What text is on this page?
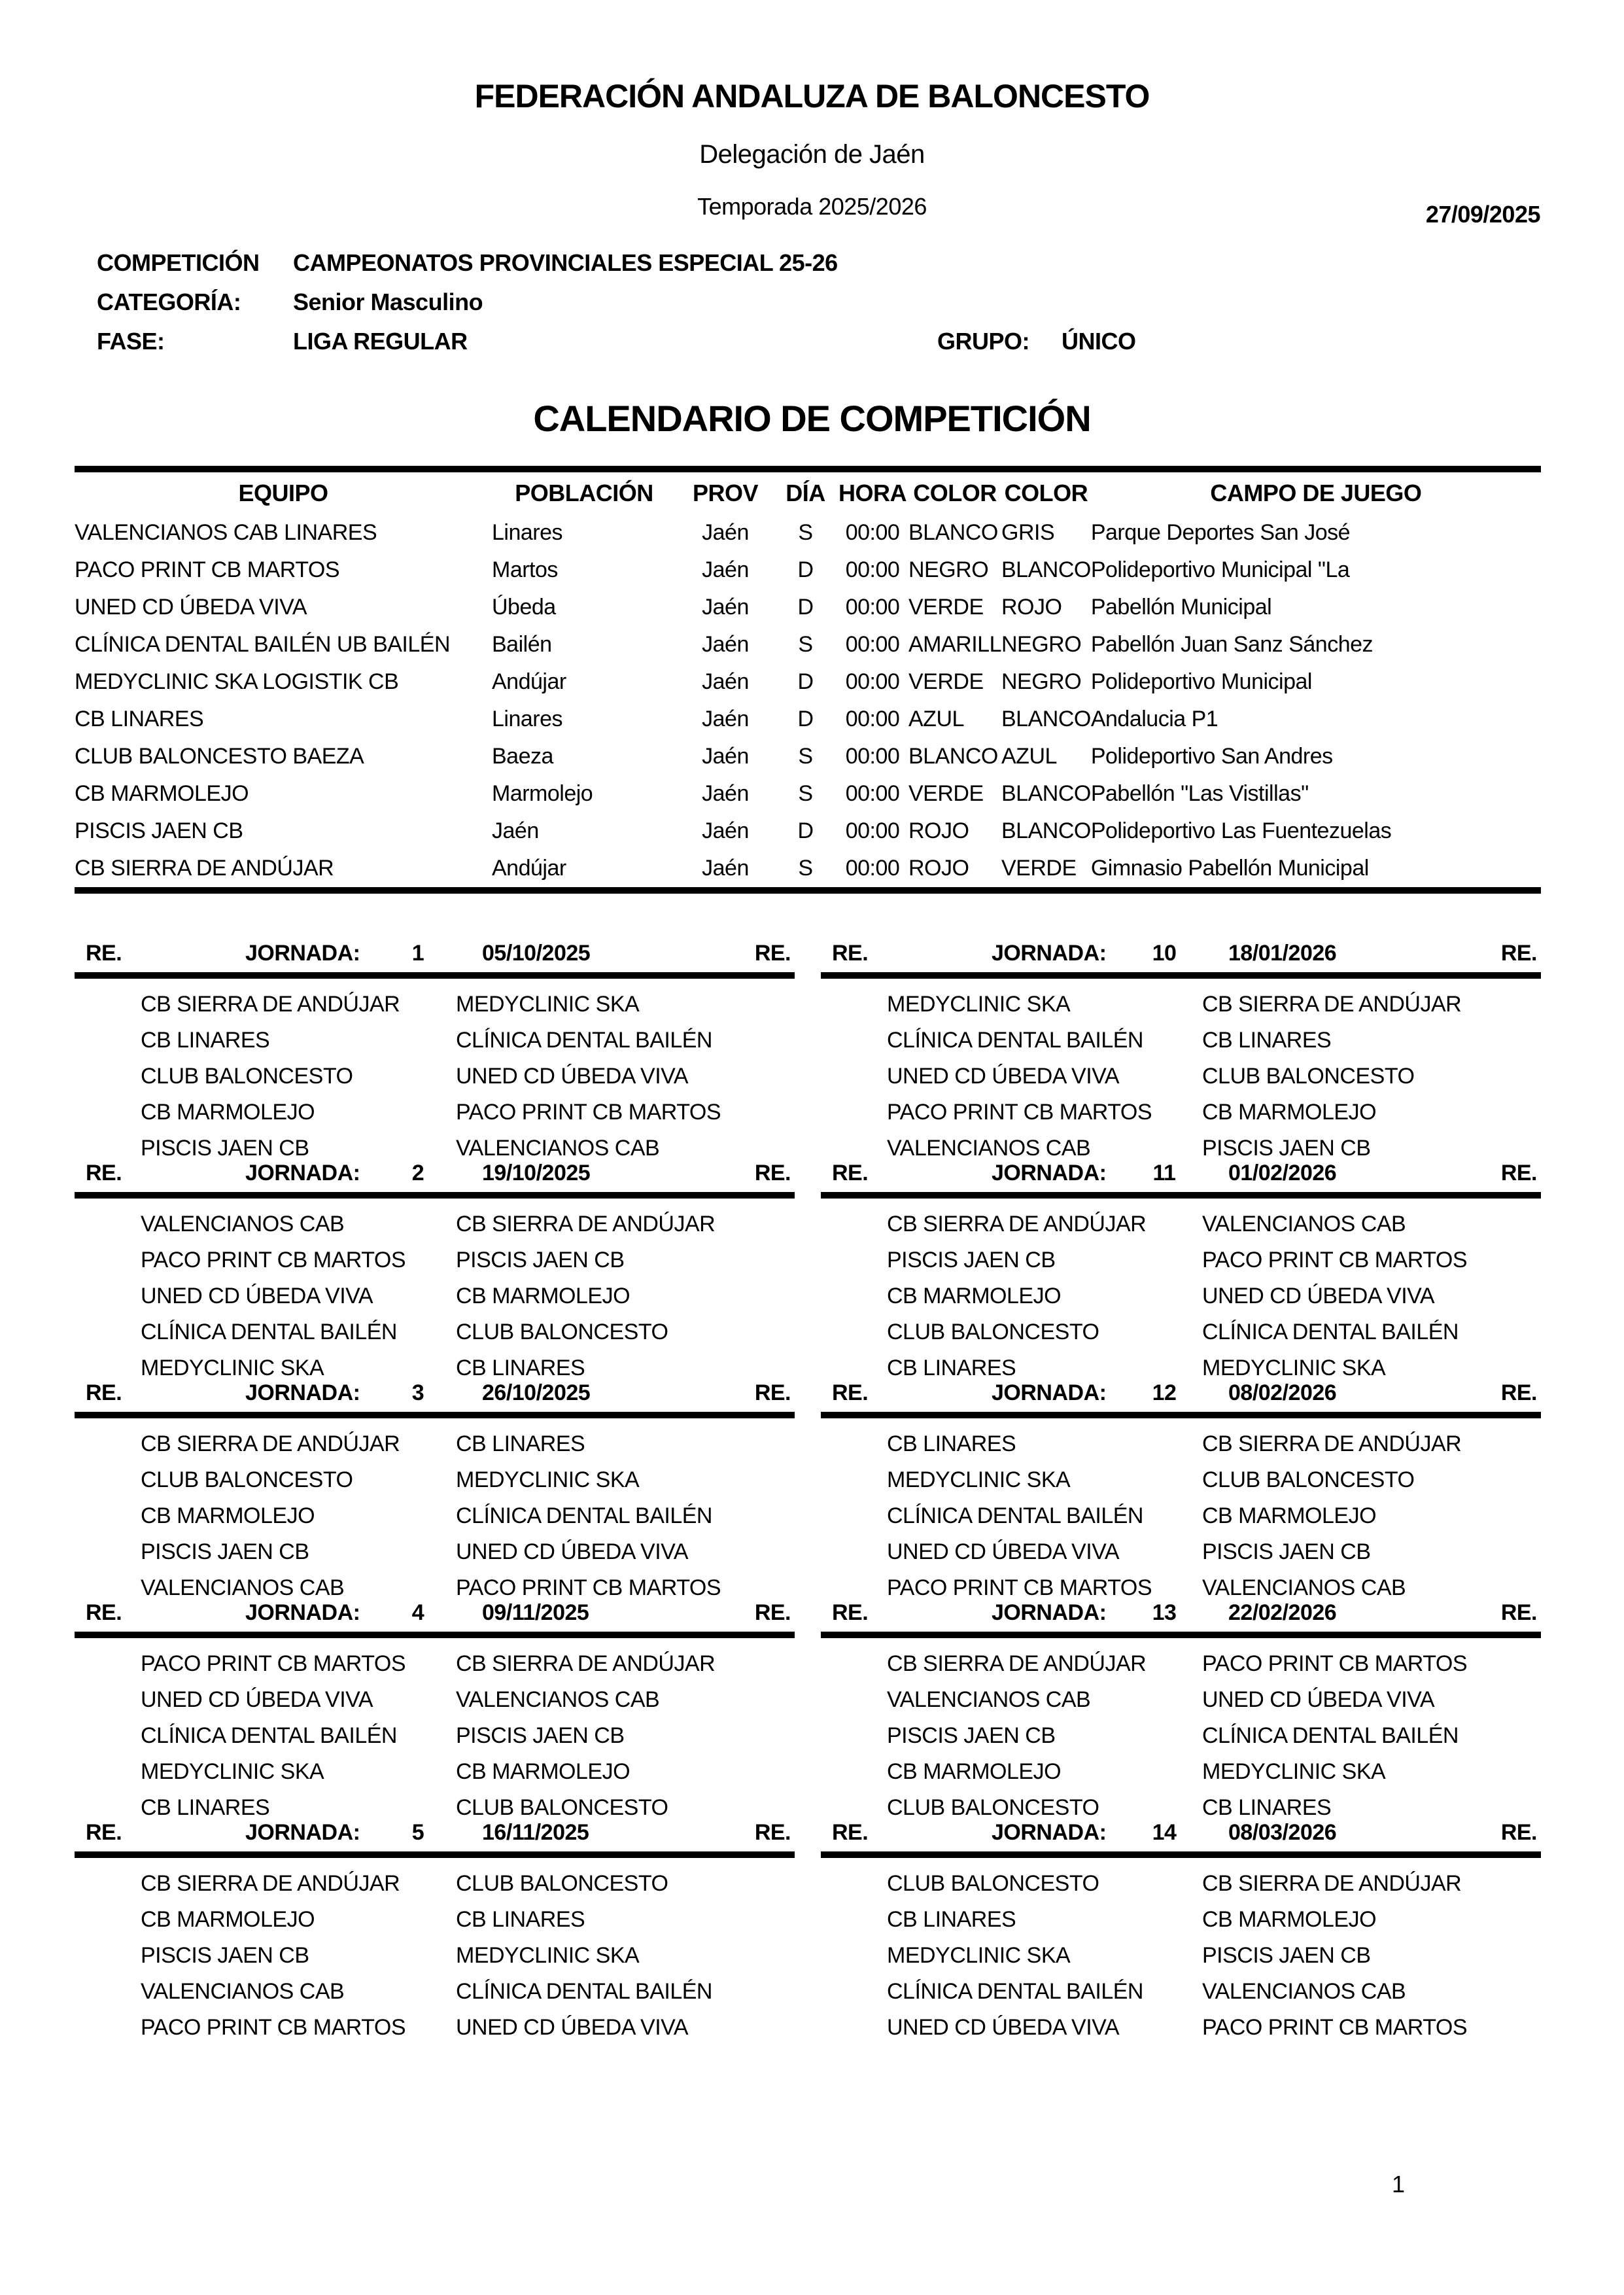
FEDERACIÓN ANDALUZA DE BALONCESTO
Delegación de Jaén
Temporada 2025/2026	27/09/2025
COMPETICIÓN	CAMPEONATOS PROVINCIALES ESPECIAL 25-26
CATEGORÍA:	Senior Masculino
FASE:	LIGA REGULAR	GRUPO:	ÚNICO
CALENDARIO DE COMPETICIÓN
EQUIPO	POBLACIÓN	PROV	DÍA	HORA	COLOR	COLOR	CAMPO DE JUEGO
VALENCIANOS CAB LINARES	Linares	Jaén	S	00:00	BLANCO	GRIS	Parque Deportes San José
PACO PRINT CB MARTOS	Martos	Jaén	D	00:00	NEGRO	BLANCO	Polideportivo Municipal "La
UNED CD ÚBEDA VIVA	Úbeda	Jaén	D	00:00	VERDE	ROJO	Pabellón Municipal
CLÍNICA DENTAL BAILÉN UB BAILÉN	Bailén	Jaén	S	00:00	AMARILL	NEGRO	Pabellón Juan Sanz Sánchez
MEDYCLINIC SKA LOGISTIK CB	Andújar	Jaén	D	00:00	VERDE	NEGRO	Polideportivo Municipal
CB LINARES	Linares	Jaén	D	00:00	AZUL	BLANCO	Andalucia P1
CLUB BALONCESTO BAEZA	Baeza	Jaén	S	00:00	BLANCO	AZUL	Polideportivo San Andres
CB MARMOLEJO	Marmolejo	Jaén	S	00:00	VERDE	BLANCO	Pabellón "Las Vistillas"
PISCIS JAEN CB	Jaén	Jaén	D	00:00	ROJO	BLANCO	Polideportivo Las Fuentezuelas
CB SIERRA DE ANDÚJAR	Andújar	Jaén	S	00:00	ROJO	VERDE	Gimnasio Pabellón Municipal
RE.	JORNADA:	1	05/10/2025	RE.
CB SIERRA DE ANDÚJAR	MEDYCLINIC SKA
CB LINARES	CLÍNICA DENTAL BAILÉN
CLUB BALONCESTO	UNED CD ÚBEDA VIVA
CB MARMOLEJO	PACO PRINT CB MARTOS
PISCIS JAEN CB	VALENCIANOS CAB
RE.	JORNADA:	2	19/10/2025	RE.
VALENCIANOS CAB	CB SIERRA DE ANDÚJAR
PACO PRINT CB MARTOS	PISCIS JAEN CB
UNED CD ÚBEDA VIVA	CB MARMOLEJO
CLÍNICA DENTAL BAILÉN	CLUB BALONCESTO
MEDYCLINIC SKA	CB LINARES
RE.	JORNADA:	3	26/10/2025	RE.
CB SIERRA DE ANDÚJAR	CB LINARES
CLUB BALONCESTO	MEDYCLINIC SKA
CB MARMOLEJO	CLÍNICA DENTAL BAILÉN
PISCIS JAEN CB	UNED CD ÚBEDA VIVA
VALENCIANOS CAB	PACO PRINT CB MARTOS
RE.	JORNADA:	4	09/11/2025	RE.
PACO PRINT CB MARTOS	CB SIERRA DE ANDÚJAR
UNED CD ÚBEDA VIVA	VALENCIANOS CAB
CLÍNICA DENTAL BAILÉN	PISCIS JAEN CB
MEDYCLINIC SKA	CB MARMOLEJO
CB LINARES	CLUB BALONCESTO
RE.	JORNADA:	5	16/11/2025	RE.
CB SIERRA DE ANDÚJAR	CLUB BALONCESTO
CB MARMOLEJO	CB LINARES
PISCIS JAEN CB	MEDYCLINIC SKA
VALENCIANOS CAB	CLÍNICA DENTAL BAILÉN
PACO PRINT CB MARTOS	UNED CD ÚBEDA VIVA
RE.	JORNADA:	10	18/01/2026	RE.
MEDYCLINIC SKA	CB SIERRA DE ANDÚJAR
CLÍNICA DENTAL BAILÉN	CB LINARES
UNED CD ÚBEDA VIVA	CLUB BALONCESTO
PACO PRINT CB MARTOS	CB MARMOLEJO
VALENCIANOS CAB	PISCIS JAEN CB
RE.	JORNADA:	11	01/02/2026	RE.
CB SIERRA DE ANDÚJAR	VALENCIANOS CAB
PISCIS JAEN CB	PACO PRINT CB MARTOS
CB MARMOLEJO	UNED CD ÚBEDA VIVA
CLUB BALONCESTO	CLÍNICA DENTAL BAILÉN
CB LINARES	MEDYCLINIC SKA
RE.	JORNADA:	12	08/02/2026	RE.
CB LINARES	CB SIERRA DE ANDÚJAR
MEDYCLINIC SKA	CLUB BALONCESTO
CLÍNICA DENTAL BAILÉN	CB MARMOLEJO
UNED CD ÚBEDA VIVA	PISCIS JAEN CB
PACO PRINT CB MARTOS	VALENCIANOS CAB
RE.	JORNADA:	13	22/02/2026	RE.
CB SIERRA DE ANDÚJAR	PACO PRINT CB MARTOS
VALENCIANOS CAB	UNED CD ÚBEDA VIVA
PISCIS JAEN CB	CLÍNICA DENTAL BAILÉN
CB MARMOLEJO	MEDYCLINIC SKA
CLUB BALONCESTO	CB LINARES
RE.	JORNADA:	14	08/03/2026	RE.
CLUB BALONCESTO	CB SIERRA DE ANDÚJAR
CB LINARES	CB MARMOLEJO
MEDYCLINIC SKA	PISCIS JAEN CB
CLÍNICA DENTAL BAILÉN	VALENCIANOS CAB
UNED CD ÚBEDA VIVA	PACO PRINT CB MARTOS
1
